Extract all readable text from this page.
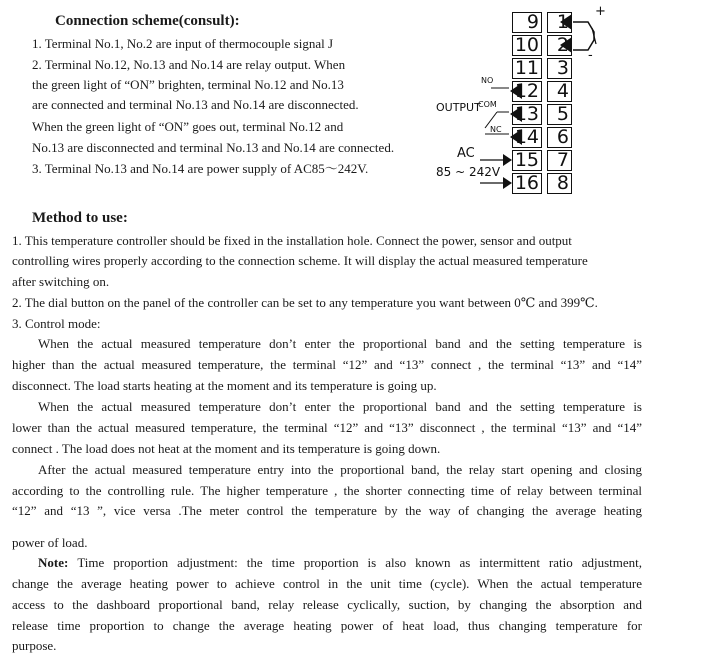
Connection scheme(consult):
1. Terminal No.1, No.2 are input of thermocouple signal J
2. Terminal No.12, No.13 and No.14 are relay output. When
the green light of “ON” brighten, terminal No.12 and No.13
are connected and terminal No.13 and No.14 are disconnected.
When the green light of “ON” goes out, terminal No.12 and
No.13 are disconnected and terminal No.13 and No.14 are connected.
3. Terminal No.13 and No.14 are power supply of AC85～242V.
9
10
11
12
13
14
15
16
1
2
3
4
5
6
7
8
+
-
NO
COM
NC
OUTPUT
AC
85 ~ 242V
Method to use:
1. This temperature controller should be fixed in the installation hole. Connect the power, sensor and output
controlling wires properly according to the connection scheme. It will display the actual measured temperature
after switching on.
2. The dial button on the panel of the controller can be set to any temperature you want between 0℃ and 399℃.
3. Control mode:
When the actual measured temperature don’t enter the proportional band and the setting temperature is
higher than the actual measured temperature, the terminal “12” and “13” connect , the terminal “13” and “14”
disconnect. The load starts heating at the moment and its temperature is going up.
When the actual measured temperature don’t enter the proportional band and the setting temperature is
lower than the actual measured temperature, the terminal “12” and “13” disconnect , the terminal “13” and “14”
connect . The load does not heat at the moment and its temperature is going down.
After the actual measured temperature entry into the proportional band, the relay start opening and closing
according to the controlling rule. The higher temperature , the shorter connecting time of relay between terminal
“12” and “13 ”, vice versa .The meter control the temperature by the way of changing the average heating
power of load.
Note: Time proportion adjustment: the time proportion is also known as intermittent ratio adjustment,
change the average heating power to achieve control in the unit time (cycle). When the actual temperature
access to the dashboard proportional band, relay release cyclically, suction, by changing the absorption and
release time proportion to change the average heating power of heat load, thus changing temperature for
purpose.
